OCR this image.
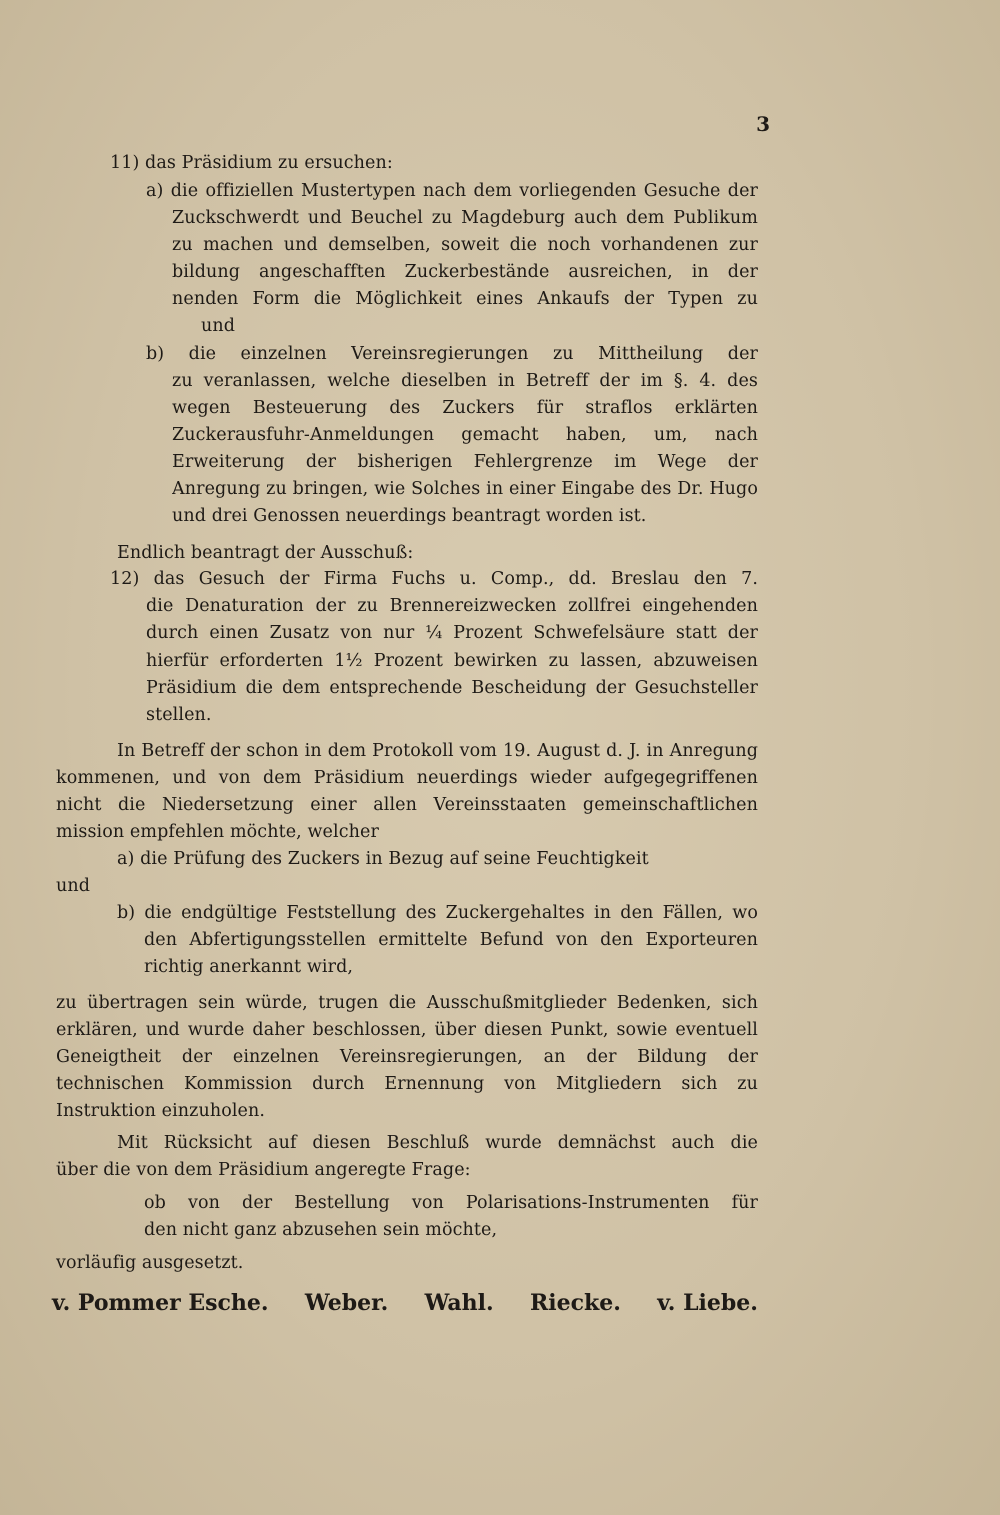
3
11) das Präsidium zu ersuchen:
a) die offiziellen Mustertypen nach dem vorliegenden Gesuche der
Zuckschwerdt und Beuchel zu Magdeburg auch dem Publikum
zu machen und demselben, soweit die noch vorhandenen zur
bildung angeschafften Zuckerbestände ausreichen, in der
nenden Form die Möglichkeit eines Ankaufs der Typen zu
und
b) die einzelnen Vereinsregierungen zu Mittheilung der
zu veranlassen, welche dieselben in Betreff der im §. 4. des
wegen Besteuerung des Zuckers für straflos erklärten
Zuckerausfuhr-Anmeldungen gemacht haben, um, nach
Erweiterung der bisherigen Fehlergrenze im Wege der
Anregung zu bringen, wie Solches in einer Eingabe des Dr. Hugo
und drei Genossen neuerdings beantragt worden ist.
Endlich beantragt der Ausschuß:
12) das Gesuch der Firma Fuchs u. Comp., dd. Breslau den 7.
die Denaturation der zu Brennereizwecken zollfrei eingehenden
durch einen Zusatz von nur ¼ Prozent Schwefelsäure statt der
hierfür erforderten 1½ Prozent bewirken zu lassen, abzuweisen
Präsidium die dem entsprechende Bescheidung der Gesuchsteller
stellen.
In Betreff der schon in dem Protokoll vom 19. August d. J. in Anregung
kommenen, und von dem Präsidium neuerdings wieder aufgegegriffenen
nicht die Niedersetzung einer allen Vereinsstaaten gemeinschaftlichen
mission empfehlen möchte, welcher
a) die Prüfung des Zuckers in Bezug auf seine Feuchtigkeit
und
b) die endgültige Feststellung des Zuckergehaltes in den Fällen, wo
den Abfertigungsstellen ermittelte Befund von den Exporteuren
richtig anerkannt wird,
zu übertragen sein würde, trugen die Ausschußmitglieder Bedenken, sich
erklären, und wurde daher beschlossen, über diesen Punkt, sowie eventuell
Geneigtheit der einzelnen Vereinsregierungen, an der Bildung der
technischen Kommission durch Ernennung von Mitgliedern sich zu
Instruktion einzuholen.
Mit Rücksicht auf diesen Beschluß wurde demnächst auch die
über die von dem Präsidium angeregte Frage:
ob von der Bestellung von Polarisations-Instrumenten für
den nicht ganz abzusehen sein möchte,
vorläufig ausgesetzt.
v. Pommer Esche. Weber. Wahl. Riecke. v. Liebe.
